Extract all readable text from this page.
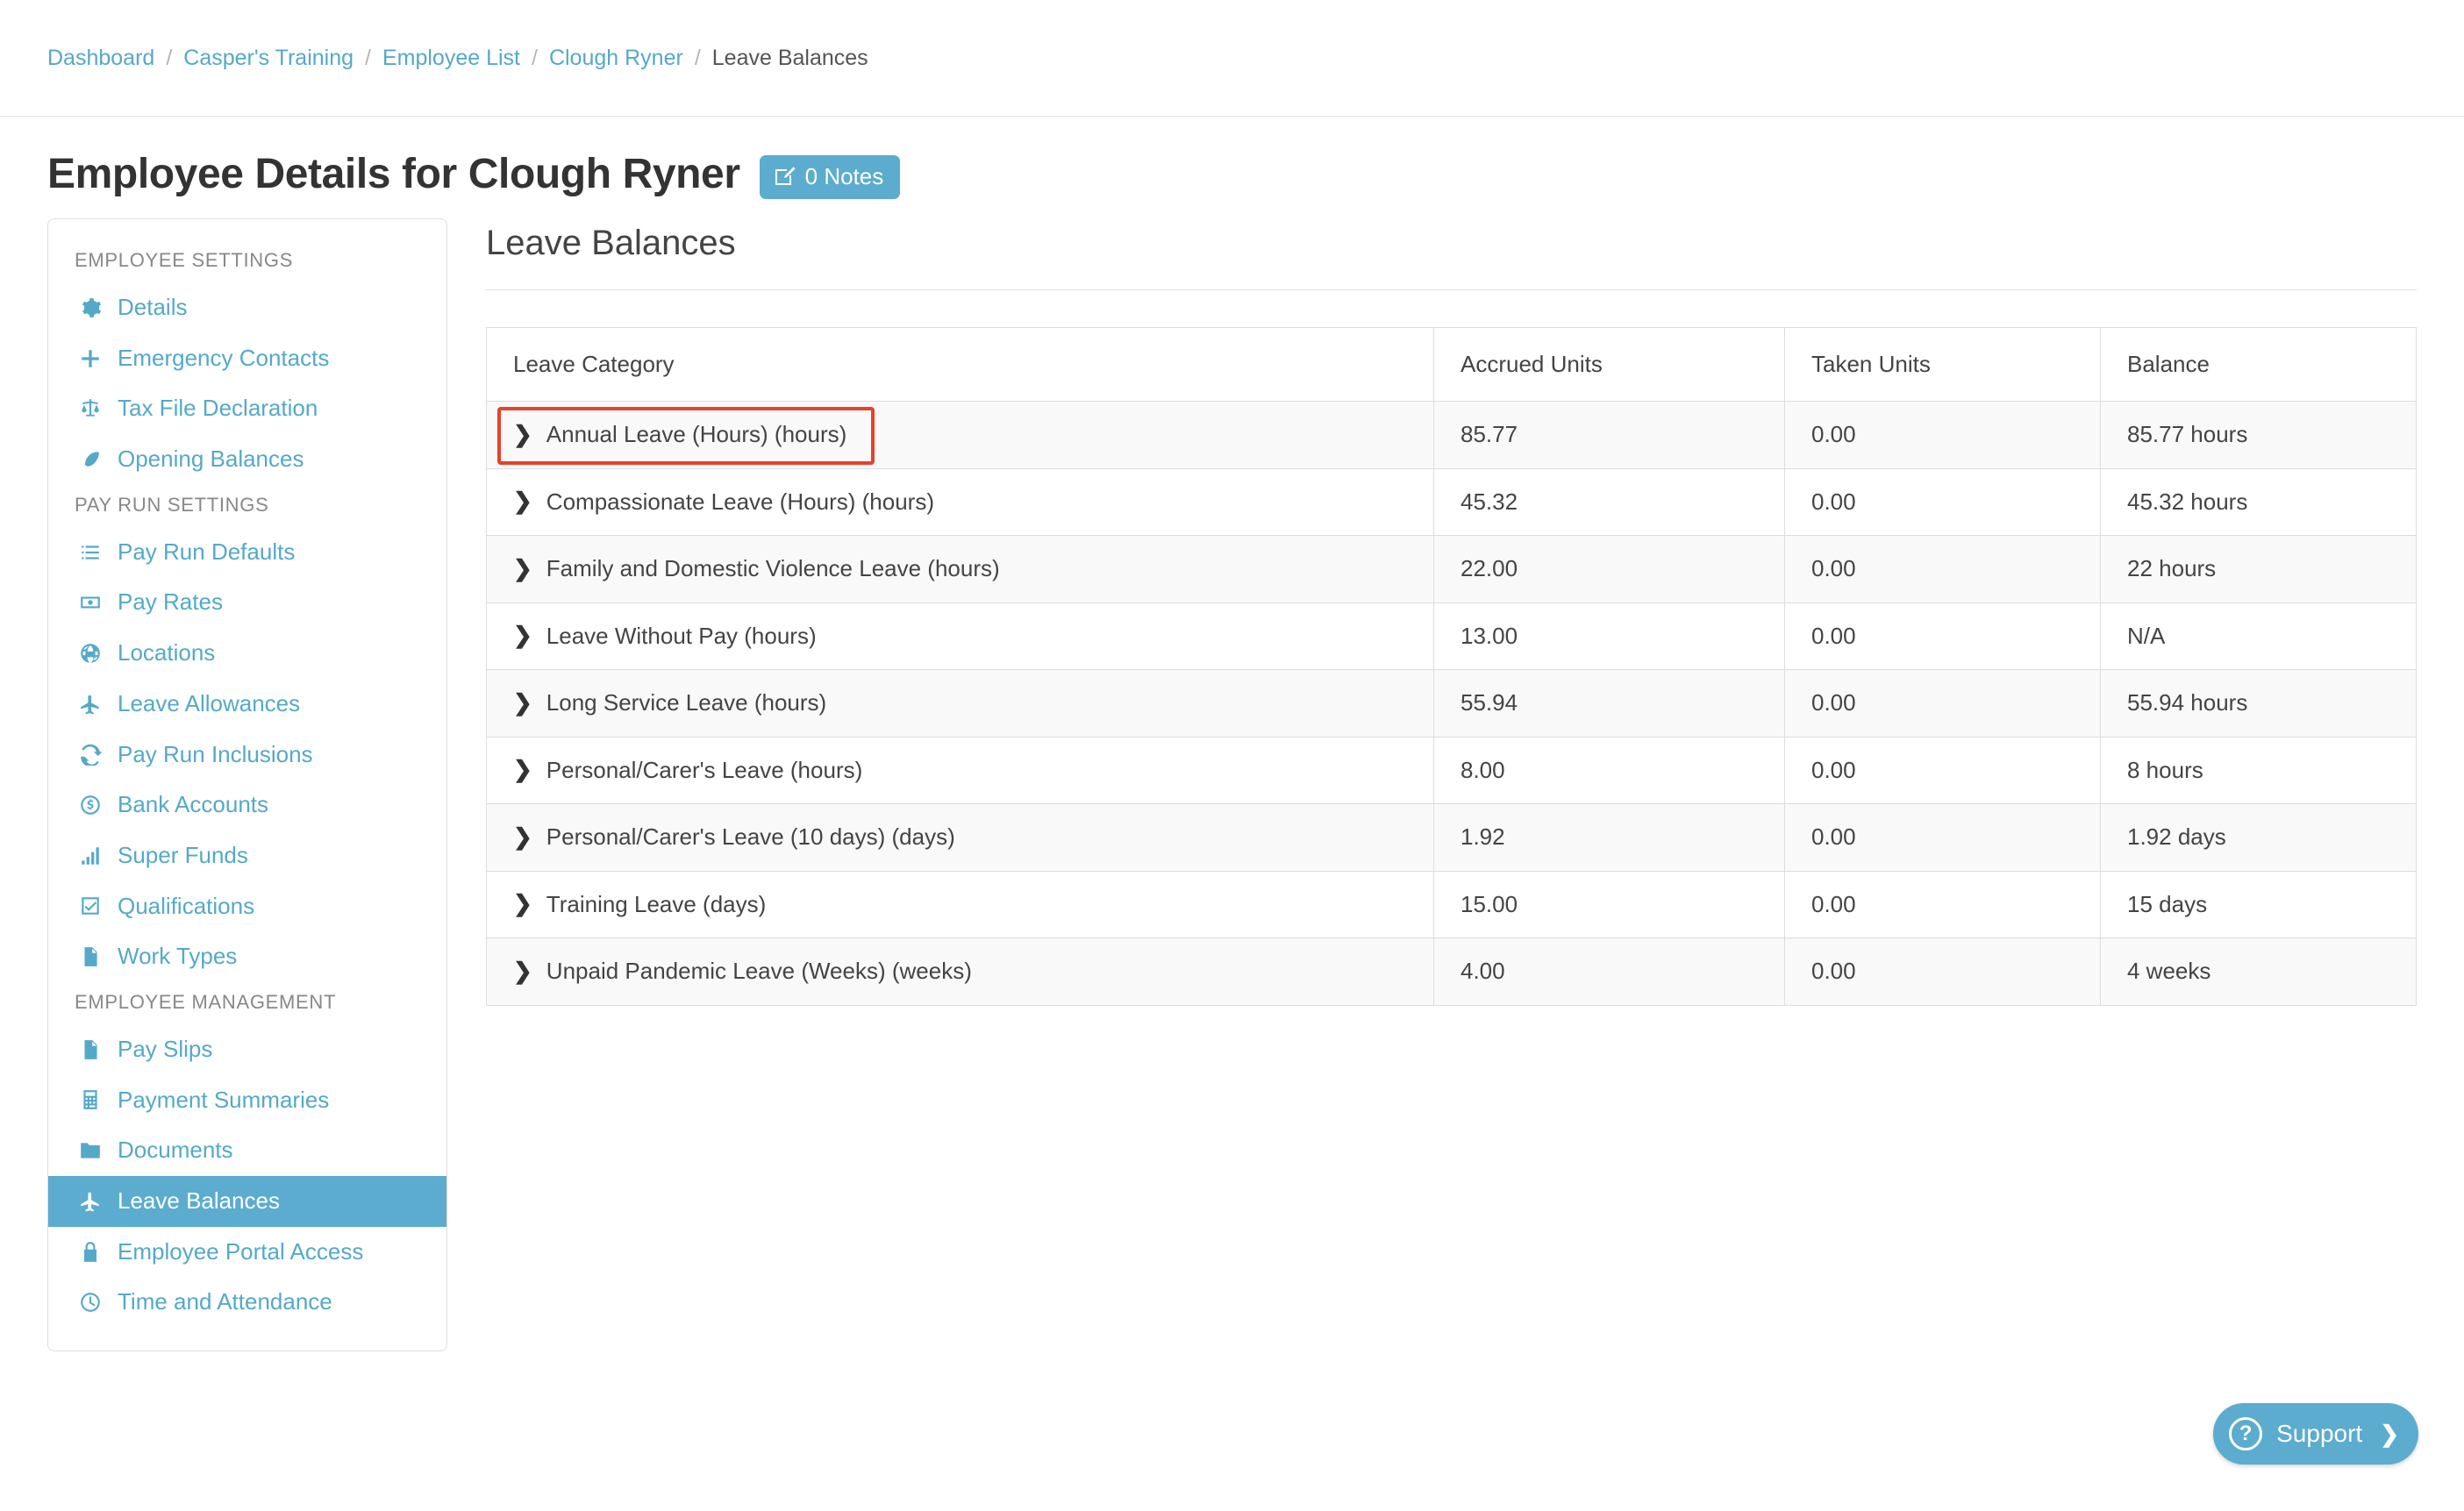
Dashboard / Casper's Training / Employee List / Clough Ryner / Leave Balances
Employee Details for Clough Ryner	0 Notes
EMPLOYEE SETTINGS
Details
Emergency Contacts
Tax File Declaration
Opening Balances
PAY RUN SETTINGS
Pay Run Defaults
Pay Rates
Locations
Leave Allowances
Pay Run Inclusions
Bank Accounts
Super Funds
Qualifications
Work Types
EMPLOYEE MANAGEMENT
Pay Slips
Payment Summaries
Documents
Leave Balances
Employee Portal Access
Time and Attendance
Leave Balances
Leave Category	Accrued Units	Taken Units	Balance

❯ Annual Leave (Hours) (hours)	85.77	0.00	85.77 hours

❯ Compassionate Leave (Hours) (hours)	45.32	0.00	45.32 hours

❯ Family and Domestic Violence Leave (hours)	22.00	0.00	22 hours

❯ Leave Without Pay (hours)	13.00	0.00	N/A

❯ Long Service Leave (hours)	55.94	0.00	55.94 hours

❯ Personal/Carer's Leave (hours)	8.00	0.00	8 hours

❯ Personal/Carer's Leave (10 days) (days)	1.92	0.00	1.92 days

❯ Training Leave (days)	15.00	0.00	15 days

❯ Unpaid Pandemic Leave (Weeks) (weeks)	4.00	0.00	4 weeks
? Support ❯
